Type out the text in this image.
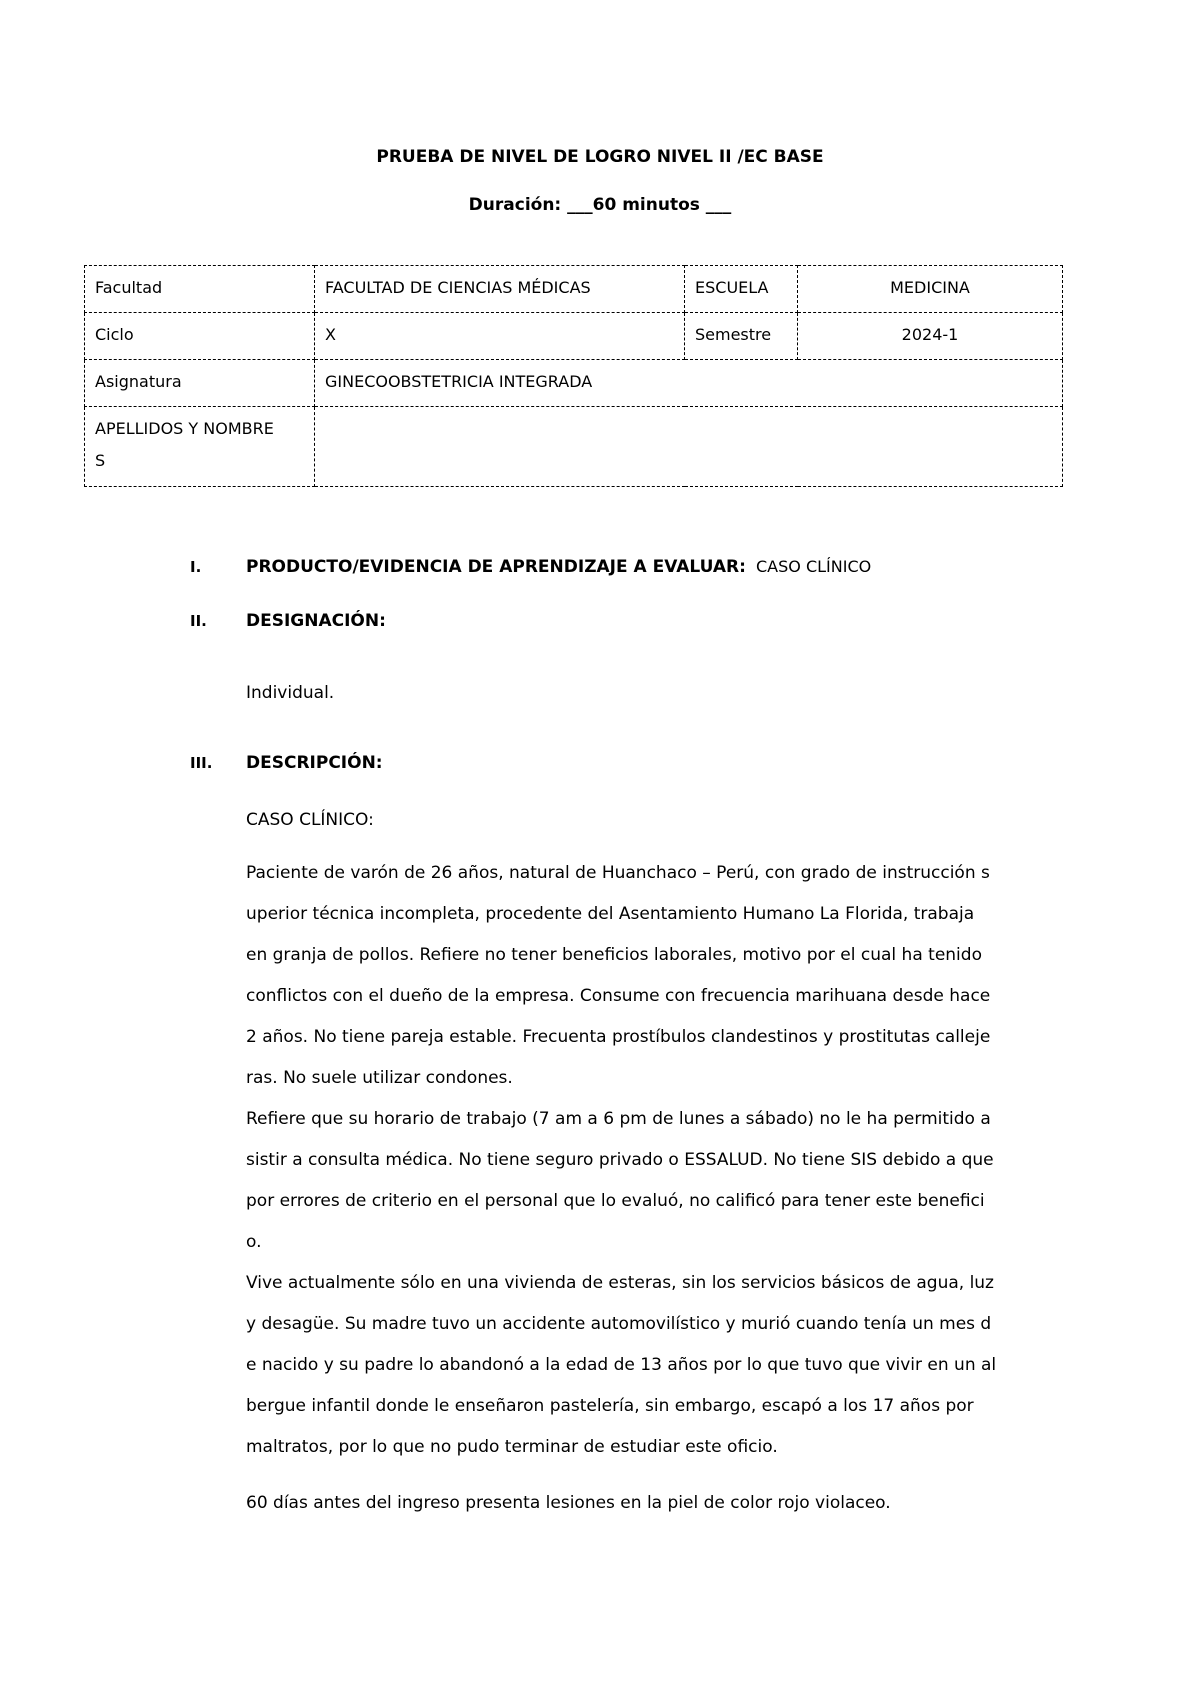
PRUEBA DE NIVEL DE LOGRO NIVEL II /EC BASE
Duración: ___60 minutos ___
Facultad	FACULTAD DE CIENCIAS MÉDICAS	ESCUELA	MEDICINA
Ciclo	X	Semestre	2024-1
Asignatura	GINECOOBSTETRICIA INTEGRADA		
APELLIDOS Y NOMBRE
S			
I.	PRODUCTO/EVIDENCIA DE APRENDIZAJE A EVALUAR: CASO CLÍNICO
II. DESIGNACIÓN:
Individual.
III. DESCRIPCIÓN:
CASO CLÍNICO:
Paciente de varón de 26 años, natural de Huanchaco – Perú, con grado de instrucción s
uperior técnica incompleta, procedente del Asentamiento Humano La Florida, trabaja
en granja de pollos. Refiere no tener beneficios laborales, motivo por el cual ha tenido
conflictos con el dueño de la empresa. Consume con frecuencia marihuana desde hace
2 años. No tiene pareja estable. Frecuenta prostíbulos clandestinos y prostitutas calleje
ras. No suele utilizar condones.
Refiere que su horario de trabajo (7 am a 6 pm de lunes a sábado) no le ha permitido a
sistir a consulta médica. No tiene seguro privado o ESSALUD. No tiene SIS debido a que
por errores de criterio en el personal que lo evaluó, no calificó para tener este benefici
o.
Vive actualmente sólo en una vivienda de esteras, sin los servicios básicos de agua, luz
y desagüe. Su madre tuvo un accidente automovilístico y murió cuando tenía un mes d
e nacido y su padre lo abandonó a la edad de 13 años por lo que tuvo que vivir en un al
bergue infantil donde le enseñaron pastelería, sin embargo, escapó a los 17 años por
maltratos, por lo que no pudo terminar de estudiar este oficio.
60 días antes del ingreso presenta lesiones en la piel de color rojo violaceo.
